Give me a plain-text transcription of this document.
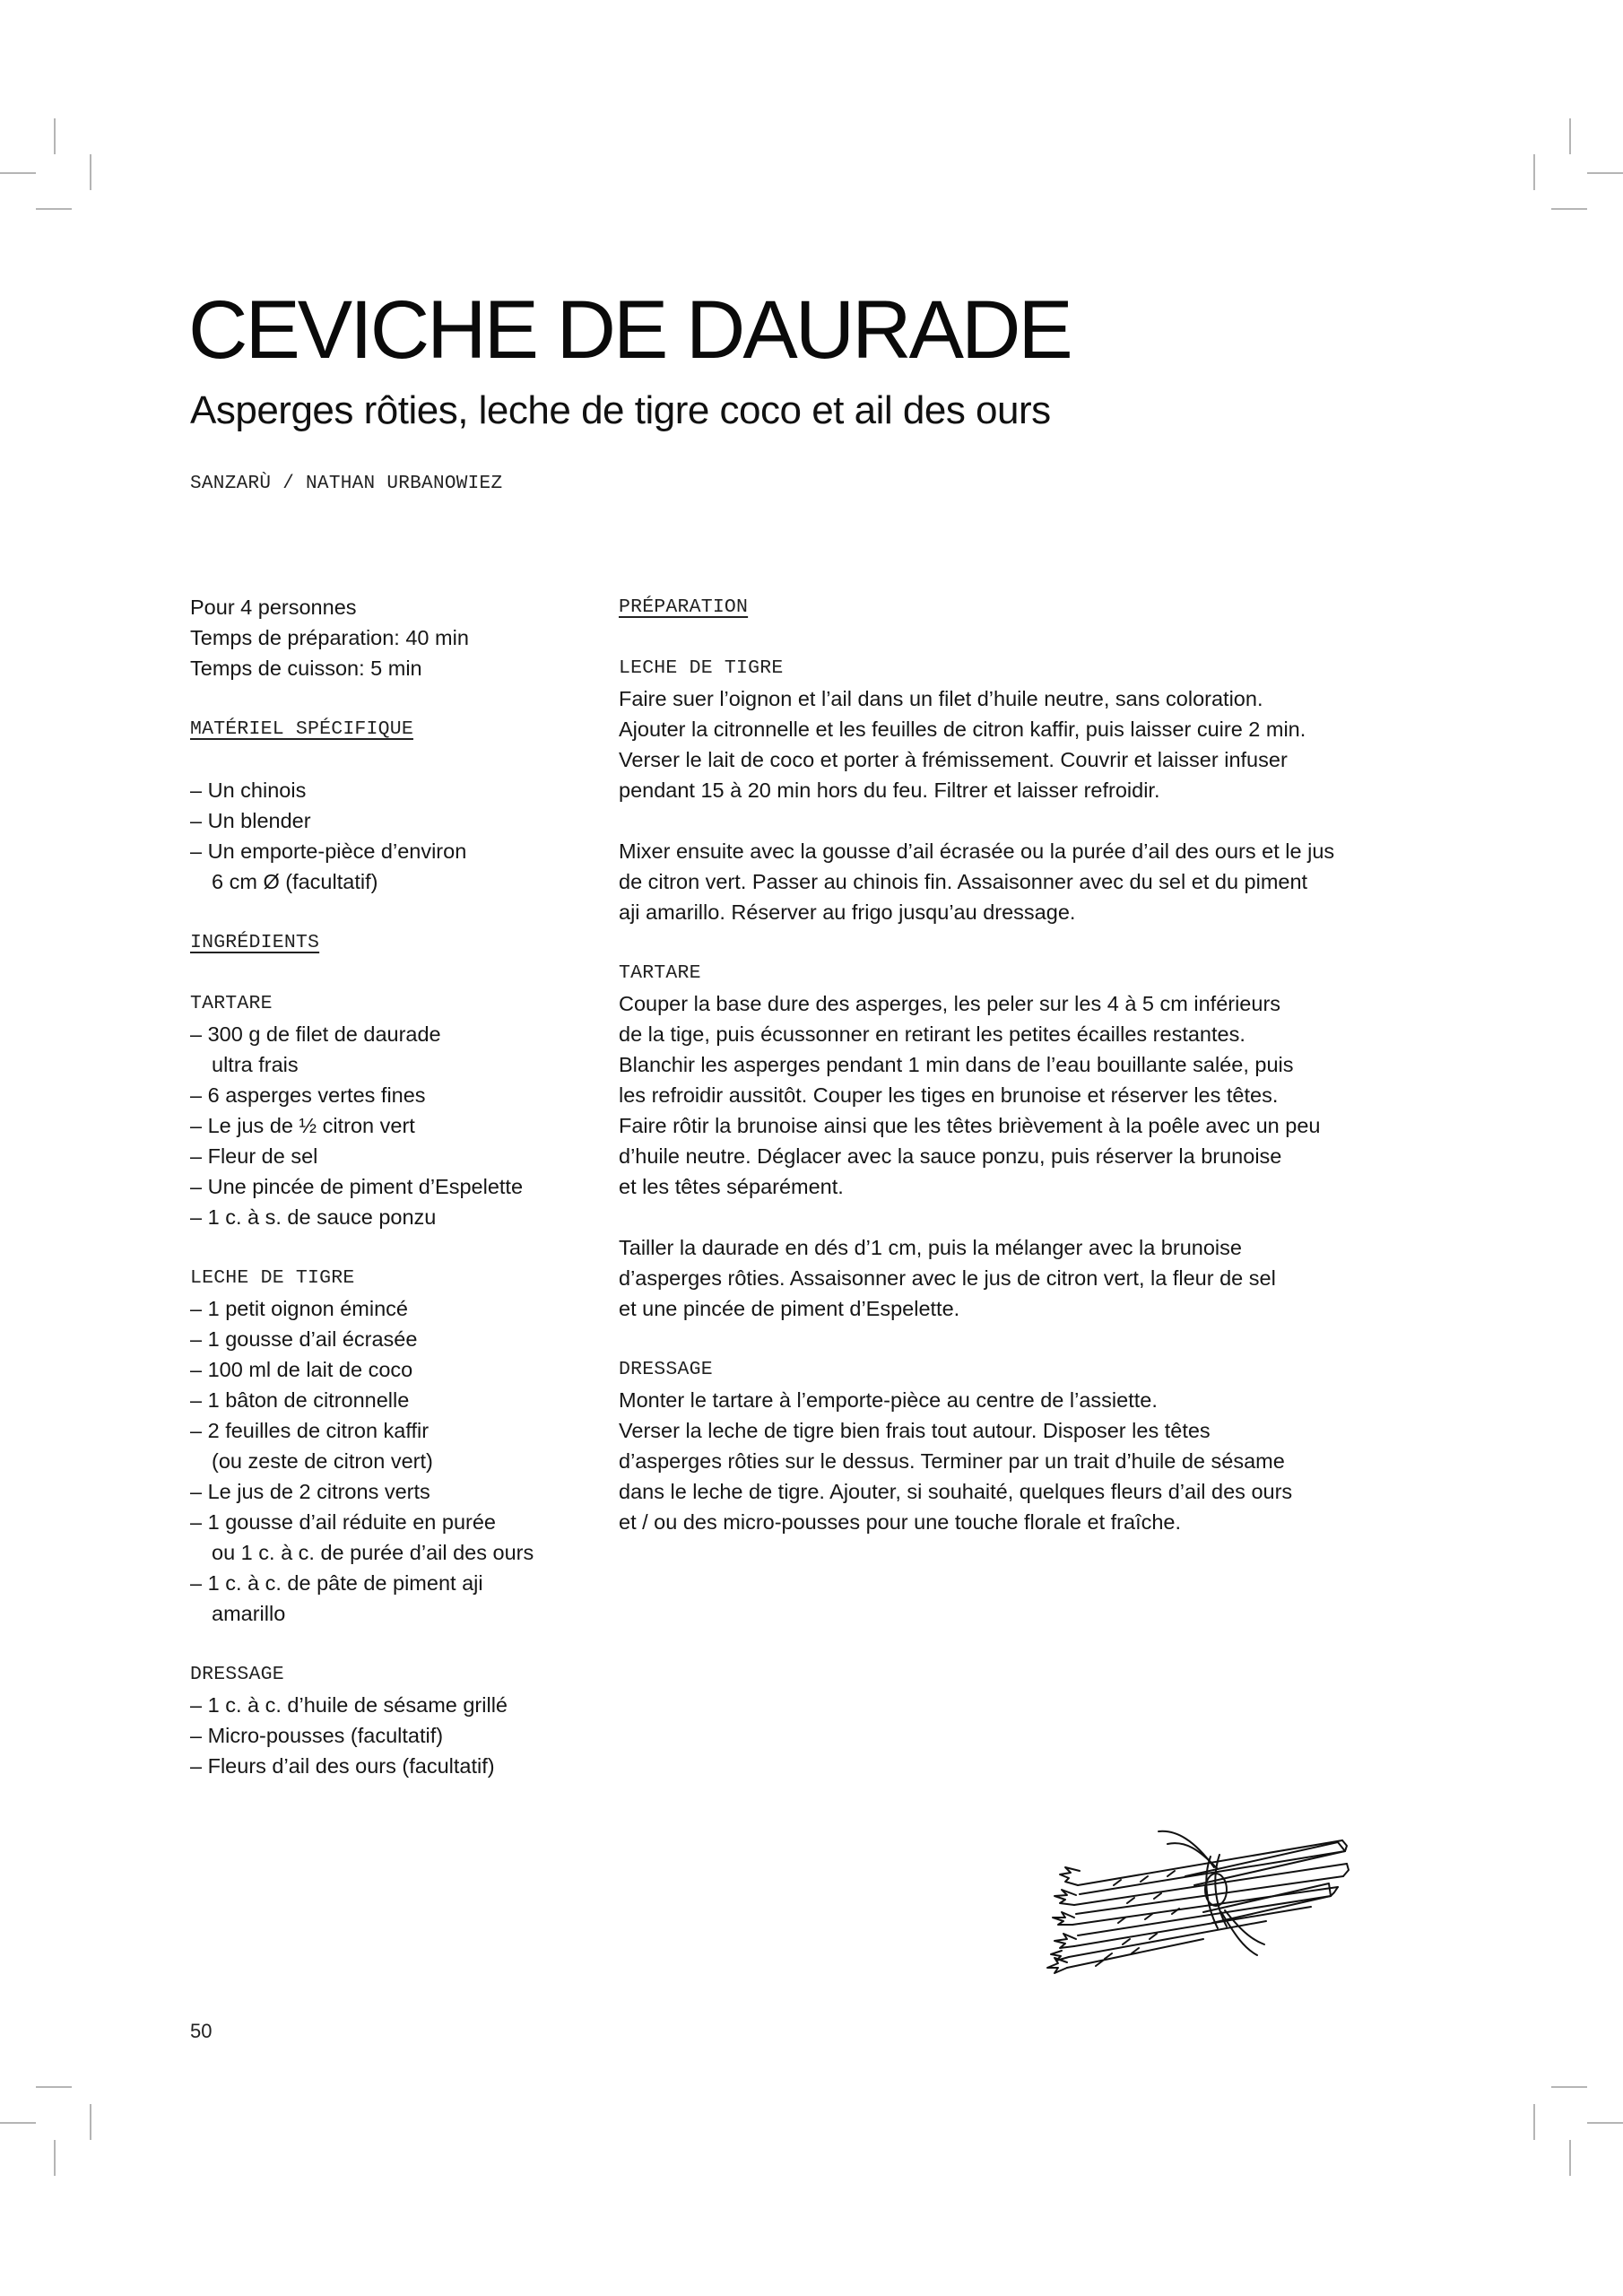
CEVICHE DE DAURADE
Asperges rôties, leche de tigre coco et ail des ours
SANZARÙ / NATHAN URBANOWIEZ
Pour 4 personnes
Temps de préparation: 40 min
Temps de cuisson: 5 min
MATÉRIEL SPÉCIFIQUE
– Un chinois
– Un blender
– Un emporte-pièce d’environ
6 cm Ø (facultatif)
INGRÉDIENTS
TARTARE
– 300 g de filet de daurade
ultra frais
– 6 asperges vertes fines
– Le jus de ½ citron vert
– Fleur de sel
– Une pincée de piment d’Espelette
– 1 c. à s. de sauce ponzu
LECHE DE TIGRE
– 1 petit oignon émincé
– 1 gousse d’ail écrasée
– 100 ml de lait de coco
– 1 bâton de citronnelle
– 2 feuilles de citron kaffir
(ou zeste de citron vert)
– Le jus de 2 citrons verts
– 1 gousse d’ail réduite en purée
ou 1 c. à c. de purée d’ail des ours
– 1 c. à c. de pâte de piment aji
amarillo
DRESSAGE
– 1 c. à c. d’huile de sésame grillé
– Micro-pousses (facultatif)
– Fleurs d’ail des ours (facultatif)
PRÉPARATION
LECHE DE TIGRE
Faire suer l’oignon et l’ail dans un filet d’huile neutre, sans coloration.
Ajouter la citronnelle et les feuilles de citron kaffir, puis laisser cuire 2 min.
Verser le lait de coco et porter à frémissement. Couvrir et laisser infuser
pendant 15 à 20 min hors du feu. Filtrer et laisser refroidir.
Mixer ensuite avec la gousse d’ail écrasée ou la purée d’ail des ours et le jus
de citron vert. Passer au chinois fin. Assaisonner avec du sel et du piment
aji amarillo. Réserver au frigo jusqu’au dressage.
TARTARE
Couper la base dure des asperges, les peler sur les 4 à 5 cm inférieurs
de la tige, puis écussonner en retirant les petites écailles restantes.
Blanchir les asperges pendant 1 min dans de l’eau bouillante salée, puis
les refroidir aussitôt. Couper les tiges en brunoise et réserver les têtes.
Faire rôtir la brunoise ainsi que les têtes brièvement à la poêle avec un peu
d’huile neutre. Déglacer avec la sauce ponzu, puis réserver la brunoise
et les têtes séparément.
Tailler la daurade en dés d’1 cm, puis la mélanger avec la brunoise
d’asperges rôties. Assaisonner avec le jus de citron vert, la fleur de sel
et une pincée de piment d’Espelette.
DRESSAGE
Monter le tartare à l’emporte-pièce au centre de l’assiette.
Verser la leche de tigre bien frais tout autour. Disposer les têtes
d’asperges rôties sur le dessus. Terminer par un trait d’huile de sésame
dans le leche de tigre. Ajouter, si souhaité, quelques fleurs d’ail des ours
et / ou des micro-pousses pour une touche florale et fraîche.
50
